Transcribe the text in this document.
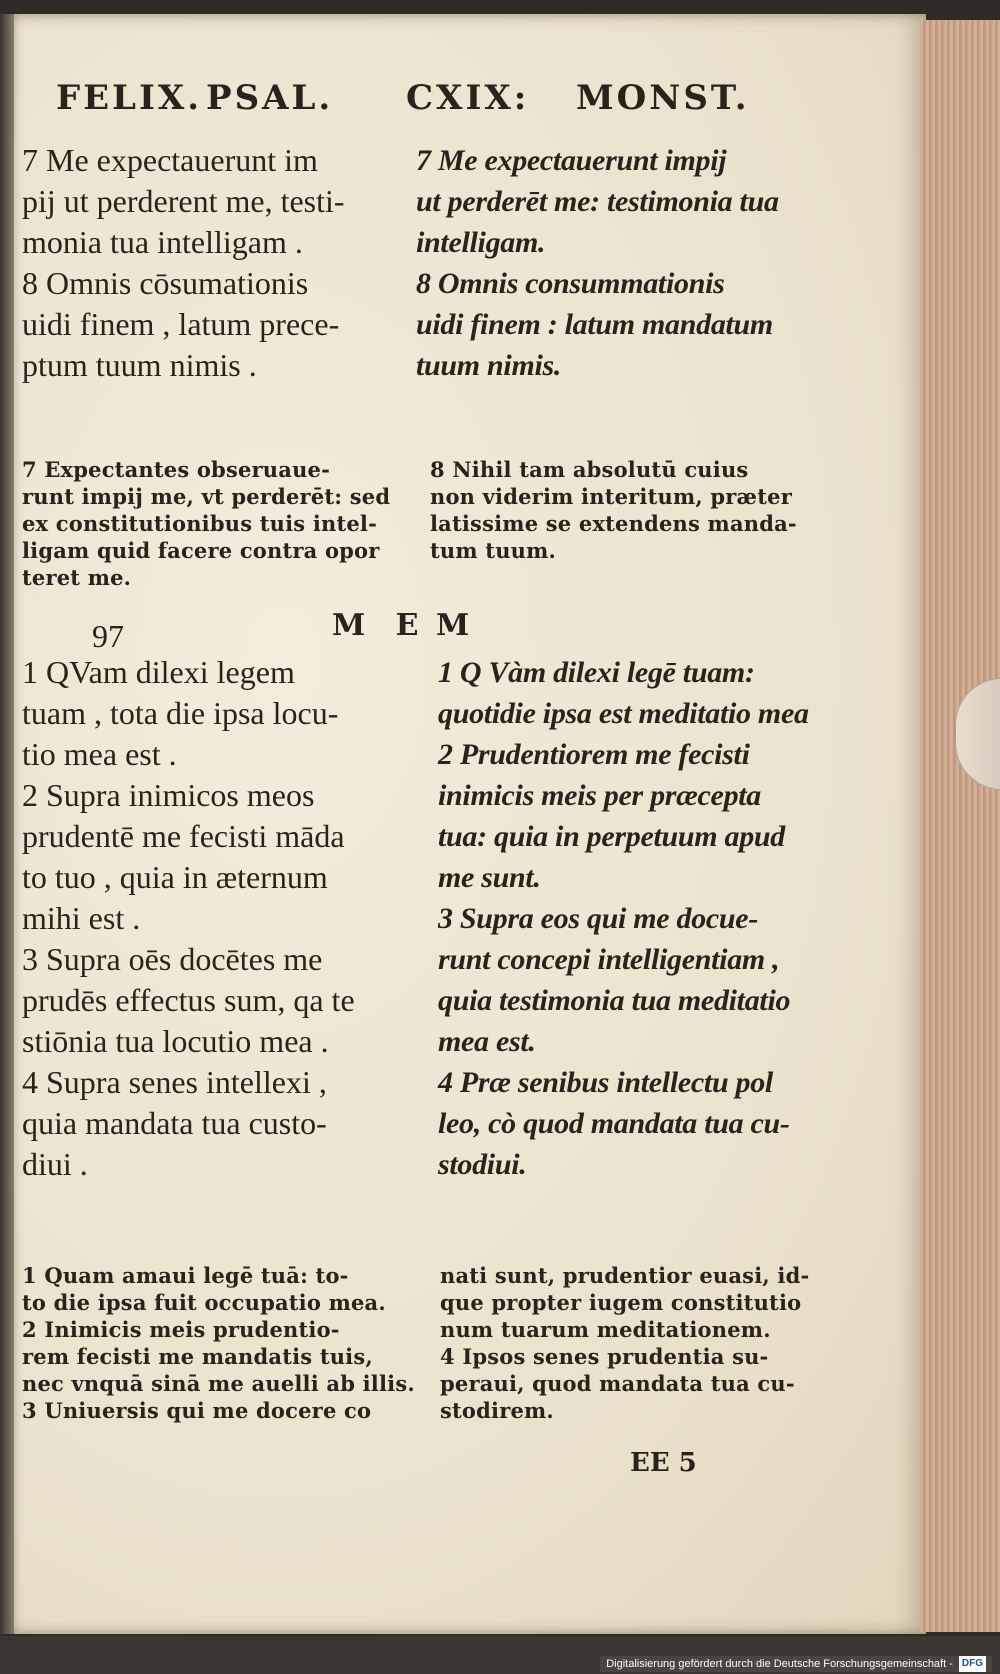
FELIX. PSAL. CXIX: MONST.
7 Me expectauerunt im
pij ut perderent me, testi-
monia tua intelligam .
8 Omnis cōsumationis
uidi finem , latum prece-
ptum tuum nimis .
7 Me expectauerunt impij
ut perderēt me: testimonia tua
intelligam.
8 Omnis consummationis
uidi finem : latum mandatum
tuum nimis.
7 Expectantes obseruaue-
runt impij me, vt perderēt: sed
ex constitutionibus tuis intel-
ligam quid facere contra opor
teret me.
8 Nihil tam absolutū cuius
non viderim interitum, præter
latissime se extendens manda-
tum tuum.
97	M E M
1 QVam dilexi legem
tuam , tota die ipsa locu-
tio mea est .
2 Supra inimicos meos
prudentē me fecisti māda
to tuo , quia in æternum
mihi est .
3 Supra oēs docētes me
prudēs effectus sum, qa te
stiōnia tua locutio mea .
4 Supra senes intellexi ,
quia mandata tua custo-
diui .
1 Q Vàm dilexi legē tuam:
quotidie ipsa est meditatio mea
2 Prudentiorem me fecisti
inimicis meis per præcepta
tua: quia in perpetuum apud
me sunt.
3 Supra eos qui me docue-
runt concepi intelligentiam ,
quia testimonia tua meditatio
mea est.
4 Præ senibus intellectu pol
leo, cò quod mandata tua cu-
stodiui.
1 Quam amaui legē tuā: to-
to die ipsa fuit occupatio mea.
2 Inimicis meis prudentio-
rem fecisti me mandatis tuis,
nec vnquā sinā me auelli ab illis.
3 Uniuersis qui me docere co
nati sunt, prudentior euasi, id-
que propter iugem constitutio
num tuarum meditationem.
4 Ipsos senes prudentia su-
peraui, quod mandata tua cu-
stodirem.
EE 5
Digitalisierung gefördert durch die Deutsche Forschungsgemeinschaft - DFG
